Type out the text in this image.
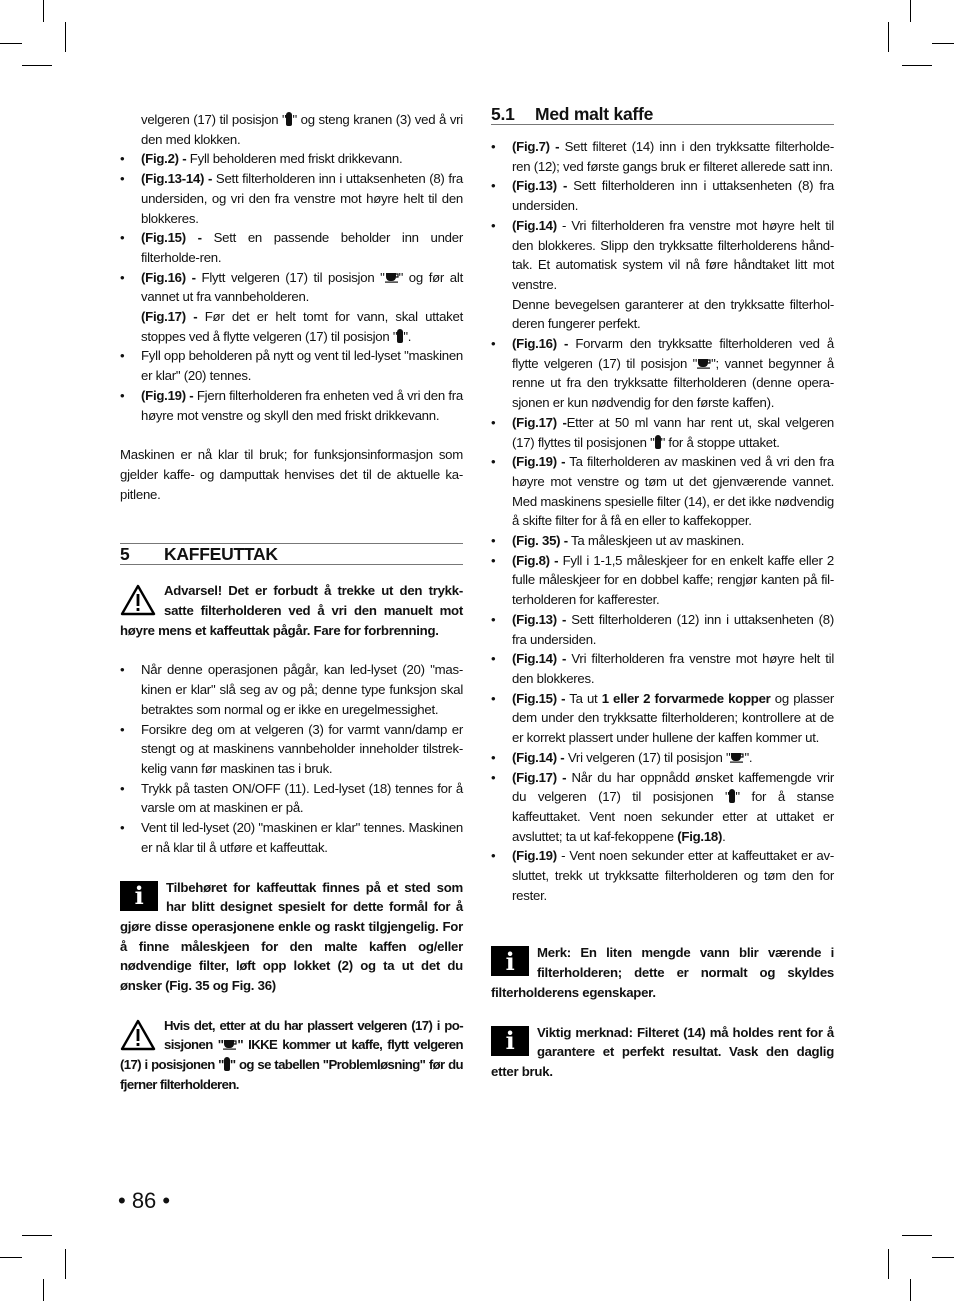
velgeren (17) til posisjon " " og steng kranen (3) ved å vri den med klokken.

• (Fig.2) - Fyll beholderen med friskt drikkevann.
• (Fig.13-14) - Sett filterholderen inn i uttaksenheten (8) fra undersiden, og vri den fra venstre mot høyre helt til den blokkeres.
• (Fig.15) - Sett en passende beholder inn under filterholde-ren.
• (Fig.16) - Flytt velgeren (17) til posisjon " " og før alt vannet ut fra vannbeholderen.
(Fig.17) - Før det er helt tomt for vann, skal uttaket stoppes ved å flytte velgeren (17) til posisjon " ".
• Fyll opp beholderen på nytt og vent til led-lyset "maskinen er klar" (20) tennes.
• (Fig.19) - Fjern filterholderen fra enheten ved å vri den fra høyre mot venstre og skyll den med friskt drikkevann.

Maskinen er nå klar til bruk; for funksjonsinformasjon som gjelder kaffe- og damputtak henvises det til de aktuelle ka-pitlene.

5 KAFFEUTTAK
Advarsel! Det er forbudt å trekke ut den trykk-satte filterholderen ved å vri den manuelt mot høyre mens et kaffeuttak pågår. Fare for forbrenning.
• Når denne operasjonen pågår, kan led-lyset (20) "mas-kinen er klar" slå seg av og på; denne type funksjon skal betraktes som normal og er ikke en uregelmessighet.
• Forsikre deg om at velgeren (3) for varmt vann/damp er stengt og at maskinens vannbeholder inneholder tilstrek-kelig vann før maskinen tas i bruk.
• Trykk på tasten ON/OFF (11). Led-lyset (18) tennes for å varsle om at maskinen er på.
• Vent til led-lyset (20) "maskinen er klar" tennes. Maskinen er nå klar til å utføre et kaffeuttak.
i	Tilbehøret for kaffeuttak finnes på et sted som har blitt designet spesielt for dette formål for å gjøre disse operasjonene enkle og raskt tilgjengelig. For å finne måleskjeen for den malte kaffen og/eller nødvendige filter, løft opp lokket (2) og ta ut det du ønsker (Fig. 35 og Fig. 36)
Hvis det, etter at du har plassert velgeren (17) i po-sisjonen " " IKKE kommer ut kaffe, flytt velgeren (17) i posisjonen " " og se tabellen "Problemløsning" før du fjerner filterholderen.
5.1 Med malt kaffe
• (Fig.7) - Sett filteret (14) inn i den trykksatte filterholde-ren (12); ved første gangs bruk er filteret allerede satt inn.
• (Fig.13) - Sett filterholderen inn i uttaksenheten (8) fra undersiden.
• (Fig.14) - Vri filterholderen fra venstre mot høyre helt til den blokkeres. Slipp den trykksatte filterholderens hånd-tak. Et automatisk system vil nå føre håndtaket litt mot venstre.
Denne bevegelsen garanterer at den trykksatte filterhol-deren fungerer perfekt.
• (Fig.16) - Forvarm den trykksatte filterholderen ved å flytte velgeren (17) til posisjon " "; vannet begynner å renne ut fra den trykksatte filterholderen (denne opera-sjonen er kun nødvendig for den første kaffen).
• (Fig.17) -Etter at 50 ml vann har rent ut, skal velgeren (17) flyttes til posisjonen " " for å stoppe uttaket.
• (Fig.19) - Ta filterholderen av maskinen ved å vri den fra høyre mot venstre og tøm ut det gjenværende vannet. Med maskinens spesielle filter (14), er det ikke nødvendig å skifte filter for å få en eller to kaffekopper.
• (Fig. 35) - Ta måleskjeen ut av maskinen.
• (Fig.8) - Fyll i 1-1,5 måleskjeer for en enkelt kaffe eller 2 fulle måleskjeer for en dobbel kaffe; rengjør kanten på fil-terholderen for kafferester.
• (Fig.13) - Sett filterholderen (12) inn i uttaksenheten (8) fra undersiden.
• (Fig.14) - Vri filterholderen fra venstre mot høyre helt til den blokkeres.
• (Fig.15) - Ta ut 1 eller 2 forvarmede kopper og plasser dem under den trykksatte filterholderen; kontrollere at de er korrekt plassert under hullene der kaffen kommer ut.
• (Fig.14) - Vri velgeren (17) til posisjon " ".
• (Fig.17) - Når du har oppnådd ønsket kaffemengde vrir du velgeren (17) til posisjonen " " for å stanse kaffeuttaket. Vent noen sekunder etter at uttaket er avsluttet; ta ut kaf-fekoppene (Fig.18).
• (Fig.19) - Vent noen sekunder etter at kaffeuttaket er av-sluttet, trekk ut trykksatte filterholderen og tøm den for rester.
i	Merk: En liten mengde vann blir værende i filterholderen; dette er normalt og skyldes filterholderens egenskaper.
i	Viktig merknad: Filteret (14) må holdes rent for å garantere et perfekt resultat. Vask den daglig etter bruk.
• 86 •
